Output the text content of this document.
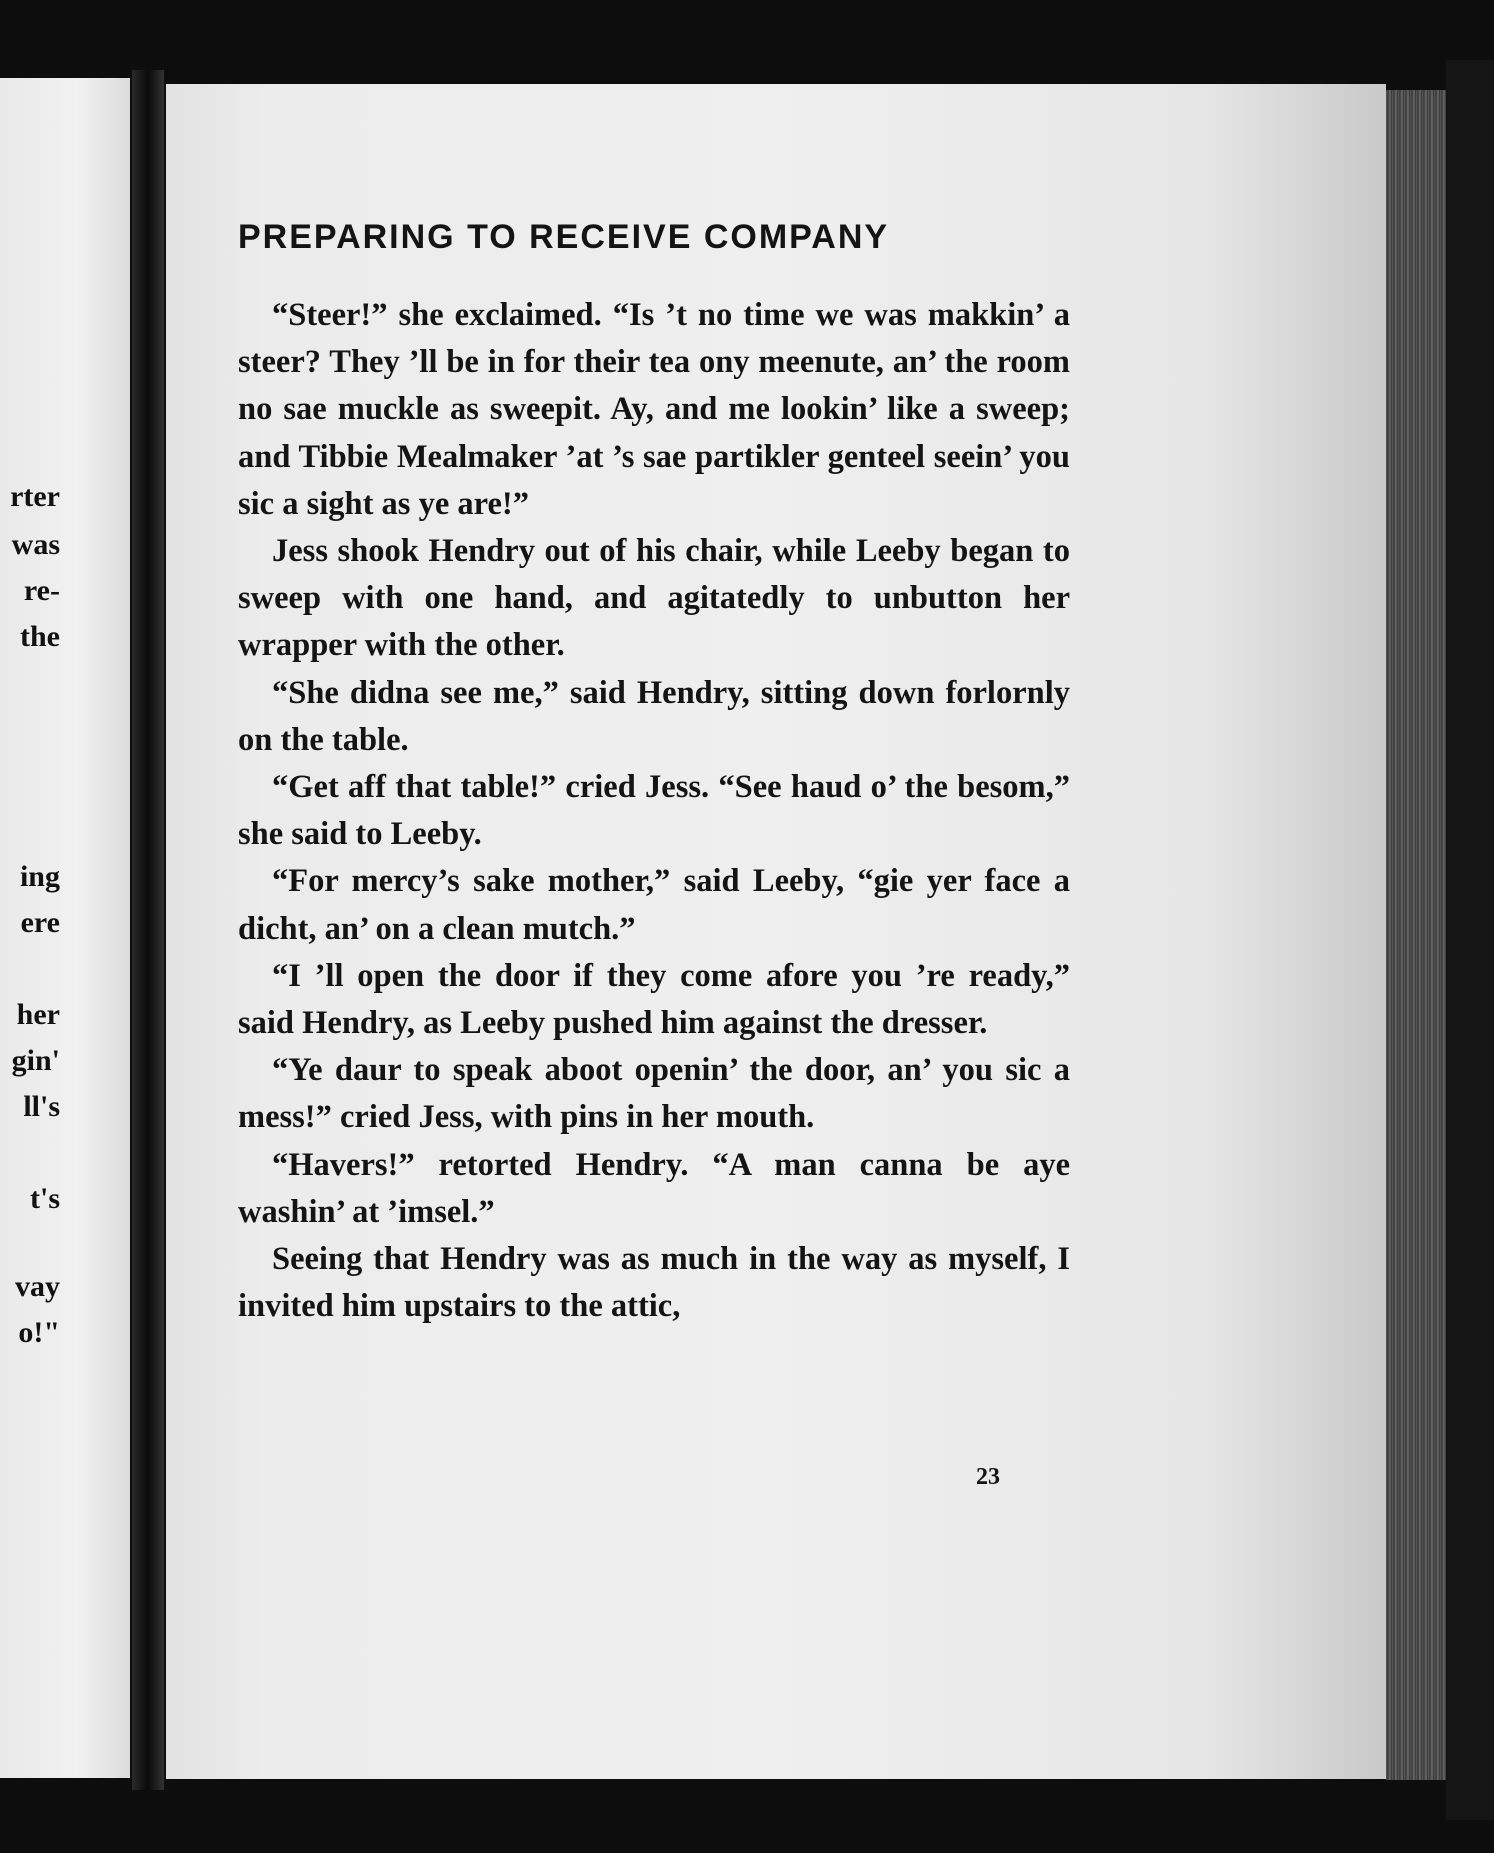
rter
was
re-
the
ing
ere
her
gin'
ll's
t's
vay
o!"
PREPARING TO RECEIVE COMPANY

“Steer!” she exclaimed. “Is ’t no time we was makkin’ a steer? They ’ll be in for their tea ony meenute, an’ the room no sae muckle as sweepit. Ay, and me lookin’ like a sweep; and Tibbie Mealmaker ’at ’s sae partikler genteel seein’ you sic a sight as ye are!”

Jess shook Hendry out of his chair, while Leeby began to sweep with one hand, and agitatedly to unbutton her wrapper with the other.

“She didna see me,” said Hendry, sitting down forlornly on the table.

“Get aff that table!” cried Jess. “See haud o’ the besom,” she said to Leeby.

“For mercy’s sake mother,” said Leeby, “gie yer face a dicht, an’ on a clean mutch.”

“I ’ll open the door if they come afore you ’re ready,” said Hendry, as Leeby pushed him against the dresser.

“Ye daur to speak aboot openin’ the door, an’ you sic a mess!” cried Jess, with pins in her mouth.

“Havers!” retorted Hendry. “A man canna be aye washin’ at ’imsel.”

Seeing that Hendry was as much in the way as myself, I invited him upstairs to the attic,

23
